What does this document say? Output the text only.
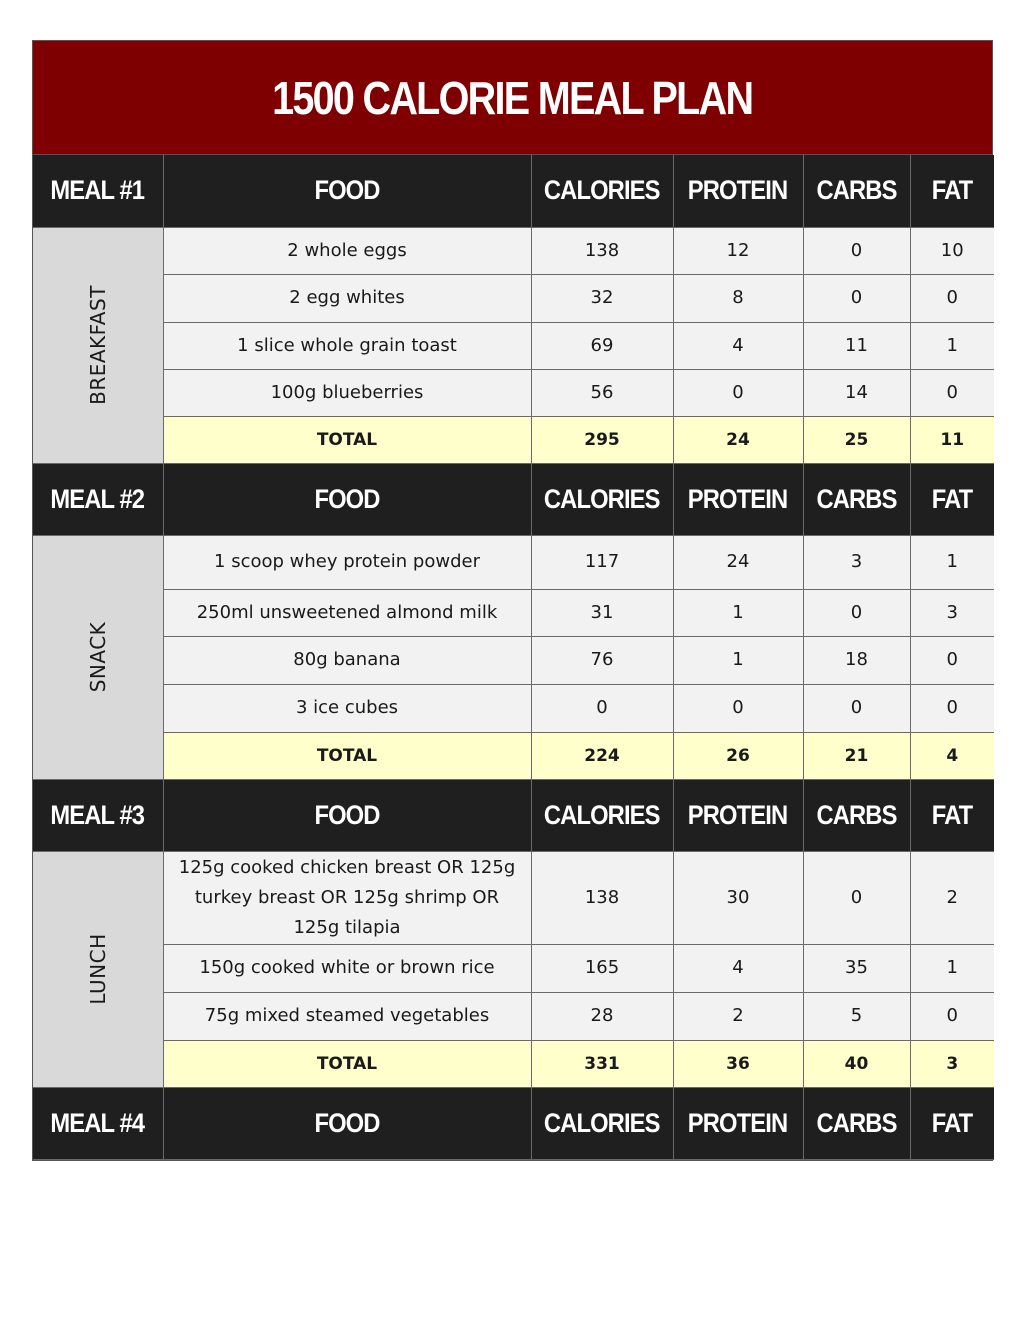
1500 CALORIE MEAL PLAN
MEAL #1	FOOD	CALORIES	PROTEIN	CARBS	FAT

BREAKFAST	2 whole eggs	138	12	0	10
	2 egg whites	32	8	0	0
	1 slice whole grain toast	69	4	11	1
	100g blueberries	56	0	14	0
	TOTAL	295	24	25	11
MEAL #2	FOOD	CALORIES	PROTEIN	CARBS	FAT

SNACK	1 scoop whey protein powder	117	24	3	1
	250ml unsweetened almond milk	31	1	0	3
	80g banana	76	1	18	0
	3 ice cubes	0	0	0	0
	TOTAL	224	26	21	4
MEAL #3	FOOD	CALORIES	PROTEIN	CARBS	FAT

LUNCH	125g cooked chicken breast OR 125g turkey breast OR 125g shrimp OR 125g tilapia	138	30	0	2
	150g cooked white or brown rice	165	4	35	1
	75g mixed steamed vegetables	28	2	5	0
	TOTAL	331	36	40	3
MEAL #4	FOOD	CALORIES	PROTEIN	CARBS	FAT
